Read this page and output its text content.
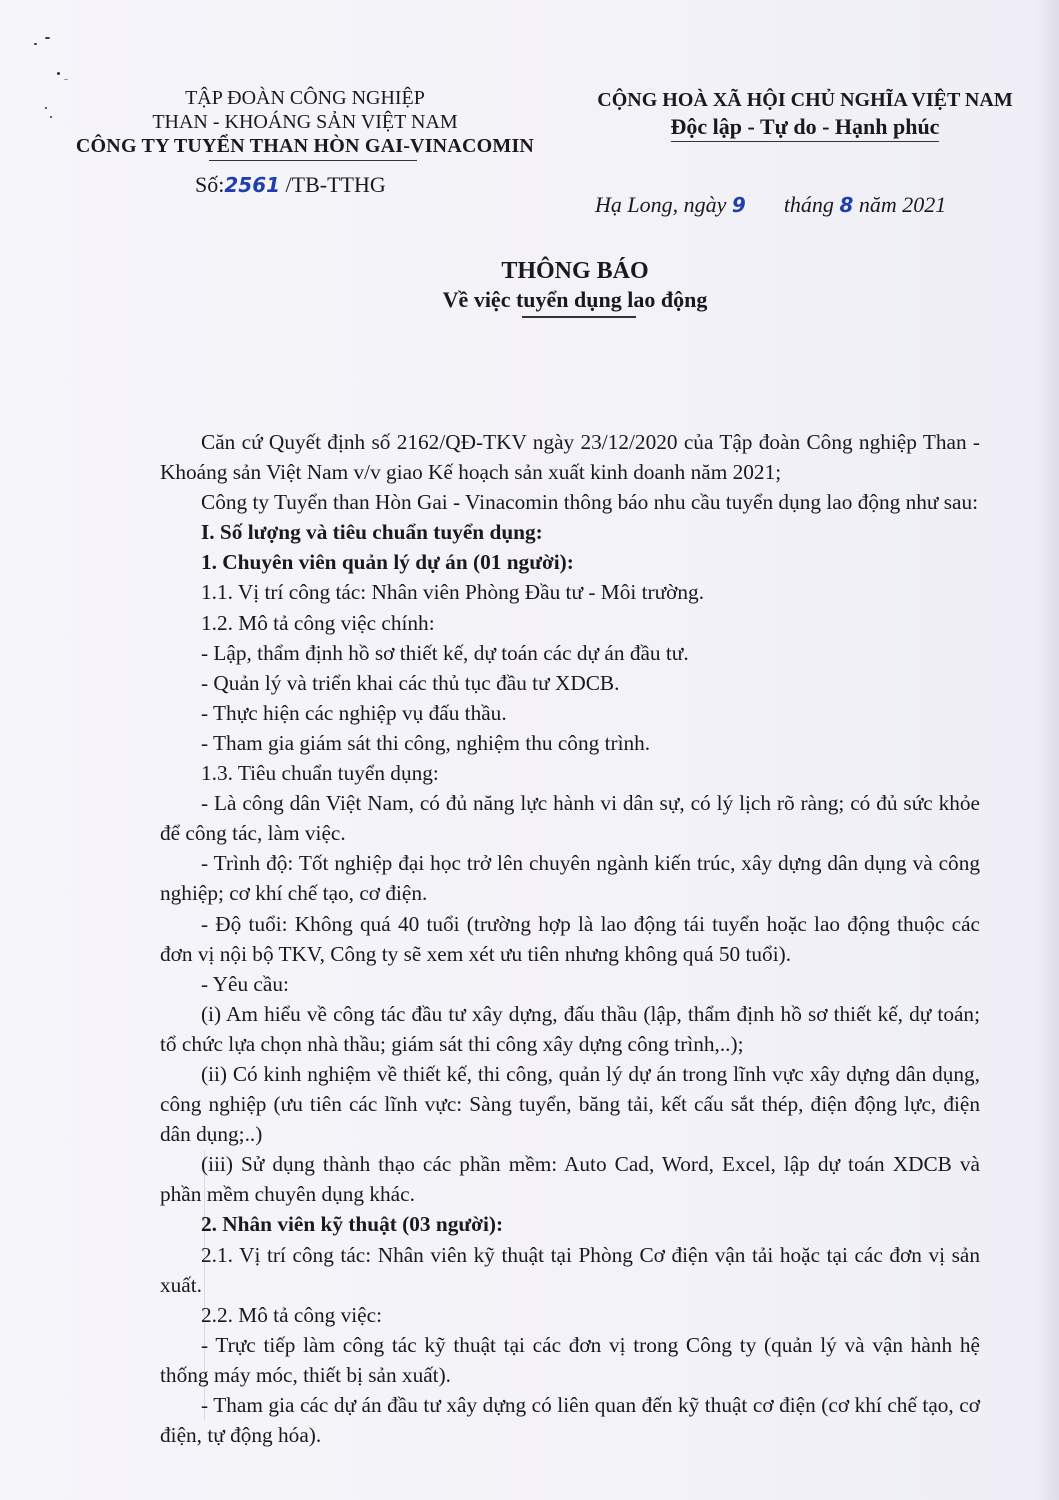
TẬP ĐOÀN CÔNG NGHIỆP
THAN - KHOÁNG SẢN VIỆT NAM
CÔNG TY TUYỂN THAN HÒN GAI-VINACOMIN
Số:2561 /TB-TTHG
CỘNG HOÀ XÃ HỘI CHỦ NGHĨA VIỆT NAM
Độc lập - Tự do - Hạnh phúc
Hạ Long, ngày 9 tháng 8 năm 2021
THÔNG BÁO
Về việc tuyển dụng lao động

Căn cứ Quyết định số 2162/QĐ-TKV ngày 23/12/2020 của Tập đoàn Công nghiệp Than - Khoáng sản Việt Nam v/v giao Kế hoạch sản xuất kinh doanh năm 2021;

Công ty Tuyển than Hòn Gai - Vinacomin thông báo nhu cầu tuyển dụng lao động như sau:

I. Số lượng và tiêu chuẩn tuyển dụng:

1. Chuyên viên quản lý dự án (01 người):

1.1. Vị trí công tác: Nhân viên Phòng Đầu tư - Môi trường.

1.2. Mô tả công việc chính:

- Lập, thẩm định hồ sơ thiết kế, dự toán các dự án đầu tư.

- Quản lý và triển khai các thủ tục đầu tư XDCB.

- Thực hiện các nghiệp vụ đấu thầu.

- Tham gia giám sát thi công, nghiệm thu công trình.

1.3. Tiêu chuẩn tuyển dụng:

- Là công dân Việt Nam, có đủ năng lực hành vi dân sự, có lý lịch rõ ràng; có đủ sức khỏe để công tác, làm việc.

- Trình độ: Tốt nghiệp đại học trở lên chuyên ngành kiến trúc, xây dựng dân dụng và công nghiệp; cơ khí chế tạo, cơ điện.

- Độ tuổi: Không quá 40 tuổi (trường hợp là lao động tái tuyển hoặc lao động thuộc các đơn vị nội bộ TKV, Công ty sẽ xem xét ưu tiên nhưng không quá 50 tuổi).

- Yêu cầu:

(i) Am hiểu về công tác đầu tư xây dựng, đấu thầu (lập, thẩm định hồ sơ thiết kế, dự toán; tổ chức lựa chọn nhà thầu; giám sát thi công xây dựng công trình,..);

(ii) Có kinh nghiệm về thiết kế, thi công, quản lý dự án trong lĩnh vực xây dựng dân dụng, công nghiệp (ưu tiên các lĩnh vực: Sàng tuyển, băng tải, kết cấu sắt thép, điện động lực, điện dân dụng;..)

(iii) Sử dụng thành thạo các phần mềm: Auto Cad, Word, Excel, lập dự toán XDCB và phần mềm chuyên dụng khác.

2. Nhân viên kỹ thuật (03 người):

2.1. Vị trí công tác: Nhân viên kỹ thuật tại Phòng Cơ điện vận tải hoặc tại các đơn vị sản xuất.

2.2. Mô tả công việc:

- Trực tiếp làm công tác kỹ thuật tại các đơn vị trong Công ty (quản lý và vận hành hệ thống máy móc, thiết bị sản xuất).

- Tham gia các dự án đầu tư xây dựng có liên quan đến kỹ thuật cơ điện (cơ khí chế tạo, cơ điện, tự động hóa).
